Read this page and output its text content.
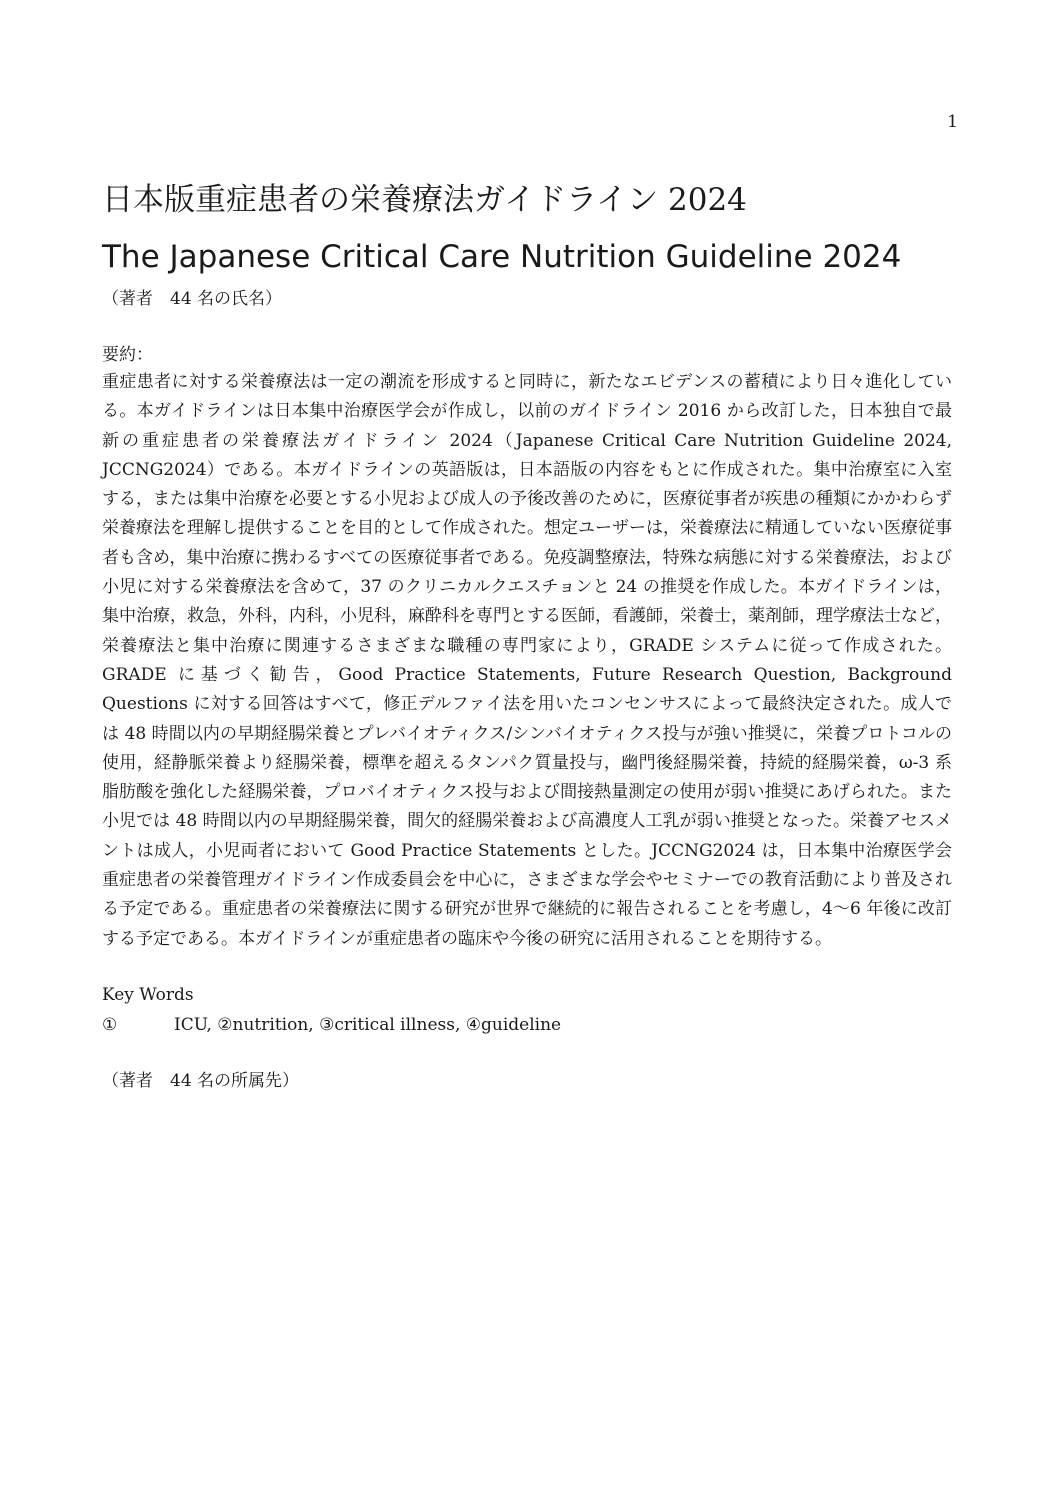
1
日本版重症患者の栄養療法ガイドライン 2024
The Japanese Critical Care Nutrition Guideline 2024

（著者　44 名の氏名）

要約：

重症患者に対する栄養療法は一定の潮流を形成すると同時に，新たなエビデンスの蓄積により日々進化している。本ガイドラインは日本集中治療医学会が作成し，以前のガイドライン 2016 から改訂した，日本独自で最新の重症患者の栄養療法ガイドライン 2024（Japanese Critical Care Nutrition Guideline 2024, JCCNG2024）である。本ガイドラインの英語版は，日本語版の内容をもとに作成された。集中治療室に入室する，または集中治療を必要とする小児および成人の予後改善のために，医療従事者が疾患の種類にかかわらず栄養療法を理解し提供することを目的として作成された。想定ユーザーは，栄養療法に精通していない医療従事者も含め，集中治療に携わるすべての医療従事者である。免疫調整療法，特殊な病態に対する栄養療法，および小児に対する栄養療法を含めて，37 のクリニカルクエスチョンと 24 の推奨を作成した。本ガイドラインは，集中治療，救急，外科，内科，小児科，麻酔科を専門とする医師，看護師，栄養士，薬剤師，理学療法士など，栄養療法と集中治療に関連するさまざまな職種の専門家により，GRADE システムに従って作成された。GRADE に基づく勧告，Good Practice Statements, Future Research Question, Background Questions に対する回答はすべて，修正デルファイ法を用いたコンセンサスによって最終決定された。成人では 48 時間以内の早期経腸栄養とプレバイオティクス/シンバイオティクス投与が強い推奨に，栄養プロトコルの使用，経静脈栄養より経腸栄養，標準を超えるタンパク質量投与，幽門後経腸栄養，持続的経腸栄養，ω-3 系脂肪酸を強化した経腸栄養，プロバイオティクス投与および間接熱量測定の使用が弱い推奨にあげられた。また小児では 48 時間以内の早期経腸栄養，間欠的経腸栄養および高濃度人工乳が弱い推奨となった。栄養アセスメントは成人，小児両者において Good Practice Statements とした。JCCNG2024 は，日本集中治療医学会重症患者の栄養管理ガイドライン作成委員会を中心に，さまざまな学会やセミナーでの教育活動により普及される予定である。重症患者の栄養療法に関する研究が世界で継続的に報告されることを考慮し，4〜6 年後に改訂する予定である。本ガイドラインが重症患者の臨床や今後の研究に活用されることを期待する。

Key Words

①	ICU, ②nutrition, ③critical illness, ④guideline

（著者　44 名の所属先）
